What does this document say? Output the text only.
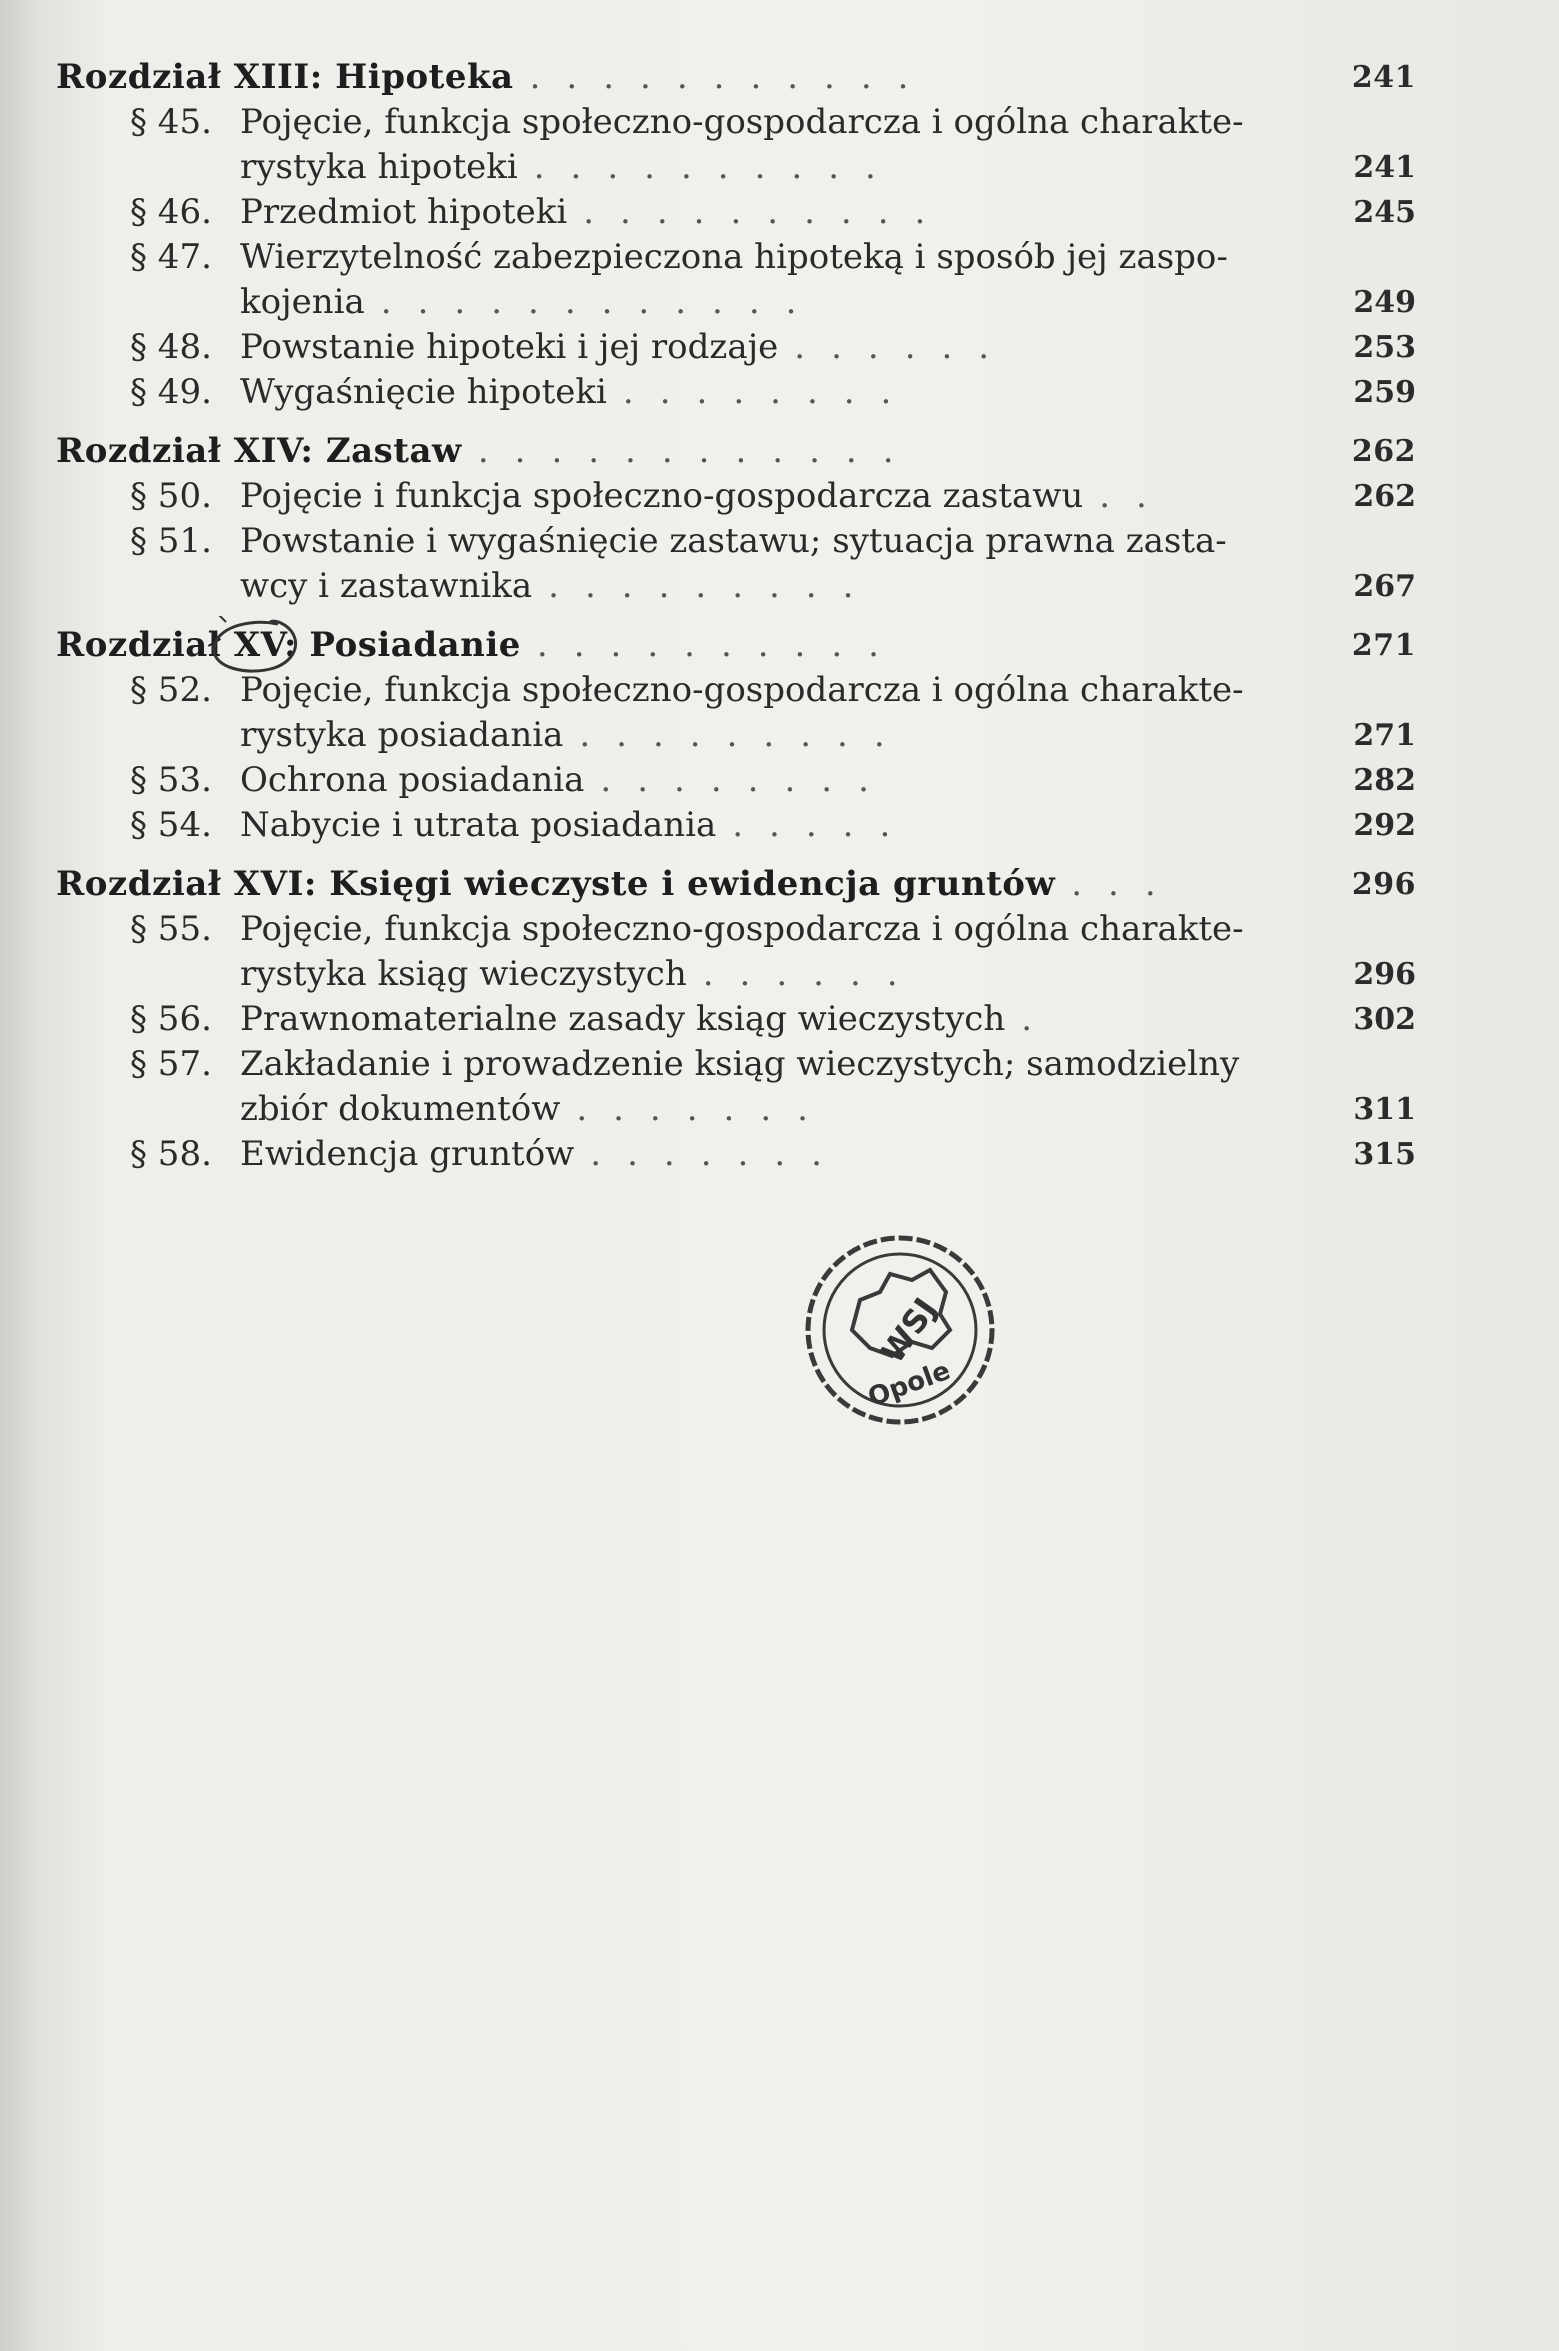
Rozdział XIII: Hipoteka ...........	241
§ 45. Pojęcie, funkcja społeczno-gospodarcza i ogólna charakte-
rystyka hipoteki ..........	241
§ 46. Przedmiot hipoteki ..........	245
§ 47. Wierzytelność zabezpieczona hipoteką i sposób jej zaspo-
kojenia ............	249
§ 48. Powstanie hipoteki i jej rodzaje ......	253
§ 49. Wygaśnięcie hipoteki ........	259
Rozdział XIV: Zastaw ............	262
§ 50. Pojęcie i funkcja społeczno-gospodarcza zastawu ..	262
§ 51. Powstanie i wygaśnięcie zastawu; sytuacja prawna zasta-
wcy i zastawnika .........	267
Rozdział XV: Posiadanie ..........	271
§ 52. Pojęcie, funkcja społeczno-gospodarcza i ogólna charakte-
rystyka posiadania .........	271
§ 53. Ochrona posiadania ........	282
§ 54. Nabycie i utrata posiadania .....	292
Rozdział XVI: Księgi wieczyste i ewidencja gruntów ...	296
§ 55. Pojęcie, funkcja społeczno-gospodarcza i ogólna charakte-
rystyka ksiąg wieczystych ......	296
§ 56. Prawnomaterialne zasady ksiąg wieczystych .	302
§ 57. Zakładanie i prowadzenie ksiąg wieczystych; samodzielny
zbiór dokumentów .......	311
§ 58. Ewidencja gruntów .......	315
WSJ
Opole
